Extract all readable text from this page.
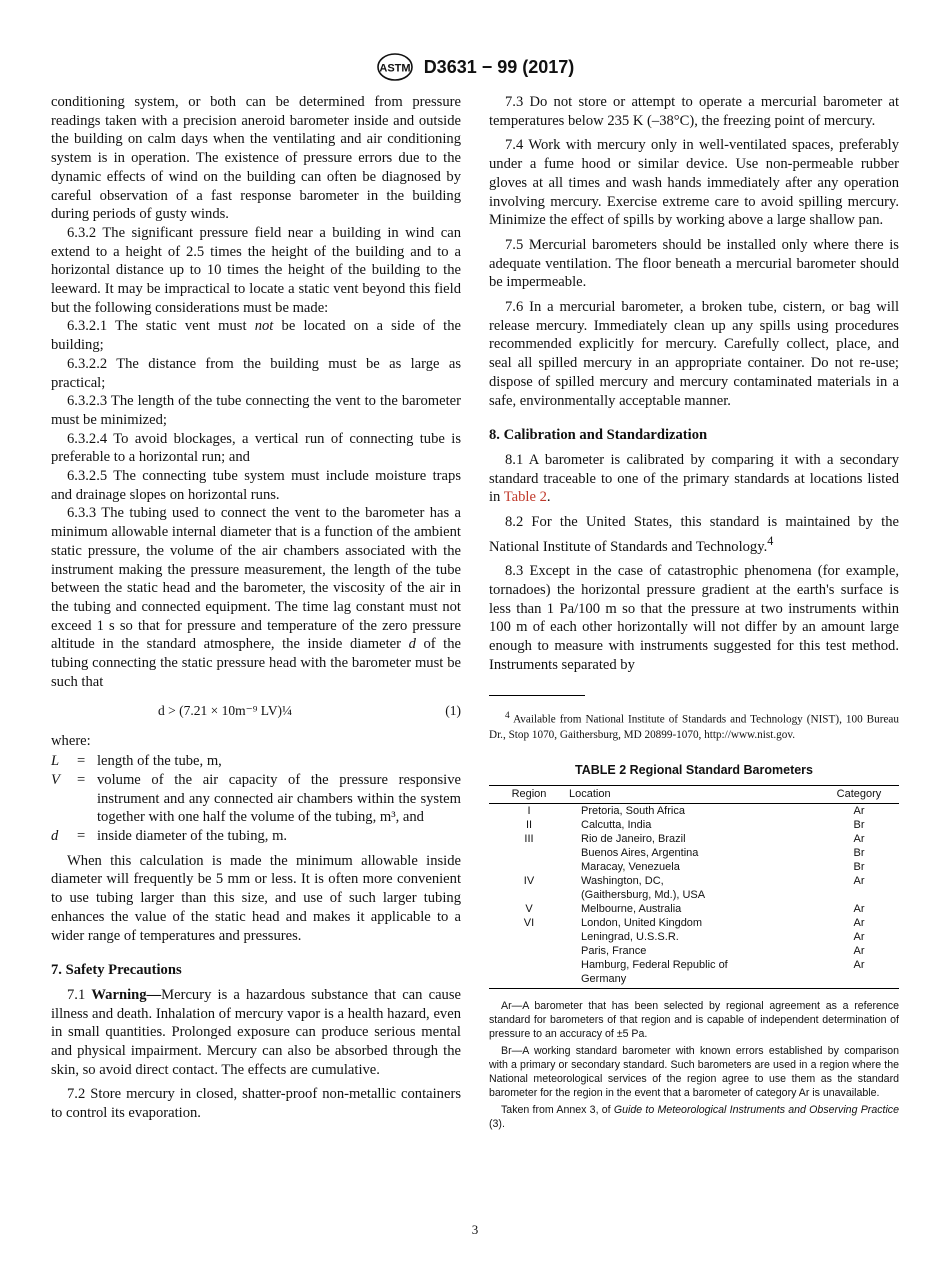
ASTM D3631 − 99 (2017)

conditioning system, or both can be determined from pressure readings taken with a precision aneroid barometer inside and outside the building on calm days when the ventilating and air conditioning system is in operation. The existence of pressure errors due to the dynamic effects of wind on the building can often be diagnosed by careful observation of a fast response barometer in the building during periods of gusty winds.

6.3.2 The significant pressure field near a building in wind can extend to a height of 2.5 times the height of the building and to a horizontal distance up to 10 times the height of the building to the leeward. It may be impractical to locate a static vent beyond this field but the following considerations must be made:

6.3.2.1 The static vent must not be located on a side of the building;

6.3.2.2 The distance from the building must be as large as practical;

6.3.2.3 The length of the tube connecting the vent to the barometer must be minimized;

6.3.2.4 To avoid blockages, a vertical run of connecting tube is preferable to a horizontal run; and

6.3.2.5 The connecting tube system must include moisture traps and drainage slopes on horizontal runs.

6.3.3 The tubing used to connect the vent to the barometer has a minimum allowable internal diameter that is a function of the ambient static pressure, the volume of the air chambers associated with the instrument making the pressure measurement, the length of the tube between the static head and the barometer, the viscosity of the air in the tubing and connected equipment. The time lag constant must not exceed 1 s so that for pressure and temperature of the zero pressure altitude in the standard atmosphere, the inside diameter d of the tubing connecting the static pressure head with the barometer must be such that

d > (7.21 × 10m⁻⁹ LV)¼	(1)

where:

L	= length of the tube, m,
V	= volume of the air capacity of the pressure responsive instrument and any connected air chambers within the system together with one half the volume of the tubing, m³, and
d	= inside diameter of the tubing, m.

When this calculation is made the minimum allowable inside diameter will frequently be 5 mm or less. It is often more convenient to use tubing larger than this size, and use of such larger tubing enhances the value of the static head and makes it applicable to a wider range of temperatures and pressures.

7. Safety Precautions

7.1 Warning—Mercury is a hazardous substance that can cause illness and death. Inhalation of mercury vapor is a health hazard, even in small quantities. Prolonged exposure can produce serious mental and physical impairment. Mercury can also be absorbed through the skin, so avoid direct contact. The effects are cumulative.

7.2 Store mercury in closed, shatter-proof non-metallic containers to control its evaporation.

7.3 Do not store or attempt to operate a mercurial barometer at temperatures below 235 K (–38°C), the freezing point of mercury.

7.4 Work with mercury only in well-ventilated spaces, preferably under a fume hood or similar device. Use non-permeable rubber gloves at all times and wash hands immediately after any operation involving mercury. Exercise extreme care to avoid spilling mercury. Minimize the effect of spills by working above a large shallow pan.

7.5 Mercurial barometers should be installed only where there is adequate ventilation. The floor beneath a mercurial barometer should be impermeable.

7.6 In a mercurial barometer, a broken tube, cistern, or bag will release mercury. Immediately clean up any spills using procedures recommended explicitly for mercury. Carefully collect, place, and seal all spilled mercury in an appropriate container. Do not re-use; dispose of spilled mercury and mercury contaminated materials in a safe, environmentally acceptable manner.

8. Calibration and Standardization

8.1 A barometer is calibrated by comparing it with a secondary standard traceable to one of the primary standards at locations listed in Table 2.

8.2 For the United States, this standard is maintained by the National Institute of Standards and Technology.$^4$

8.3 Except in the case of catastrophic phenomena (for example, tornadoes) the horizontal pressure gradient at the earth's surface is less than 1 Pa/100 m so that the pressure at two instruments within 100 m of each other horizontally will not differ by an amount large enough to measure with instruments suggested for this test method. Instruments separated by

$^4$ Available from National Institute of Standards and Technology (NIST), 100 Bureau Dr., Stop 1070, Gaithersburg, MD 20899-1070, http://www.nist.gov.

TABLE 2 Regional Standard Barometers
Region	Location	Category
I	Pretoria, South Africa	Ar
II	Calcutta, India	Br
III	Rio de Janeiro, Brazil	Ar
	Buenos Aires, Argentina	Br
	Maracay, Venezuela	Br
IV	Washington, DC,	Ar
	(Gaithersburg, Md.), USA	
V	Melbourne, Australia	Ar
VI	London, United Kingdom	Ar
	Leningrad, U.S.S.R.	Ar
	Paris, France	Ar
	Hamburg, Federal Republic of	Ar
	Germany	

Ar—A barometer that has been selected by regional agreement as a reference standard for barometers of that region and is capable of independent determination of pressure to an accuracy of ±5 Pa.

Br—A working standard barometer with known errors established by comparison with a primary or secondary standard. Such barometers are used in a region where the National meteorological services of the region agree to use them as the standard barometer for the region in the event that a barometer of category Ar is unavailable.

Taken from Annex 3, of Guide to Meteorological Instruments and Observing Practice (3).

3
